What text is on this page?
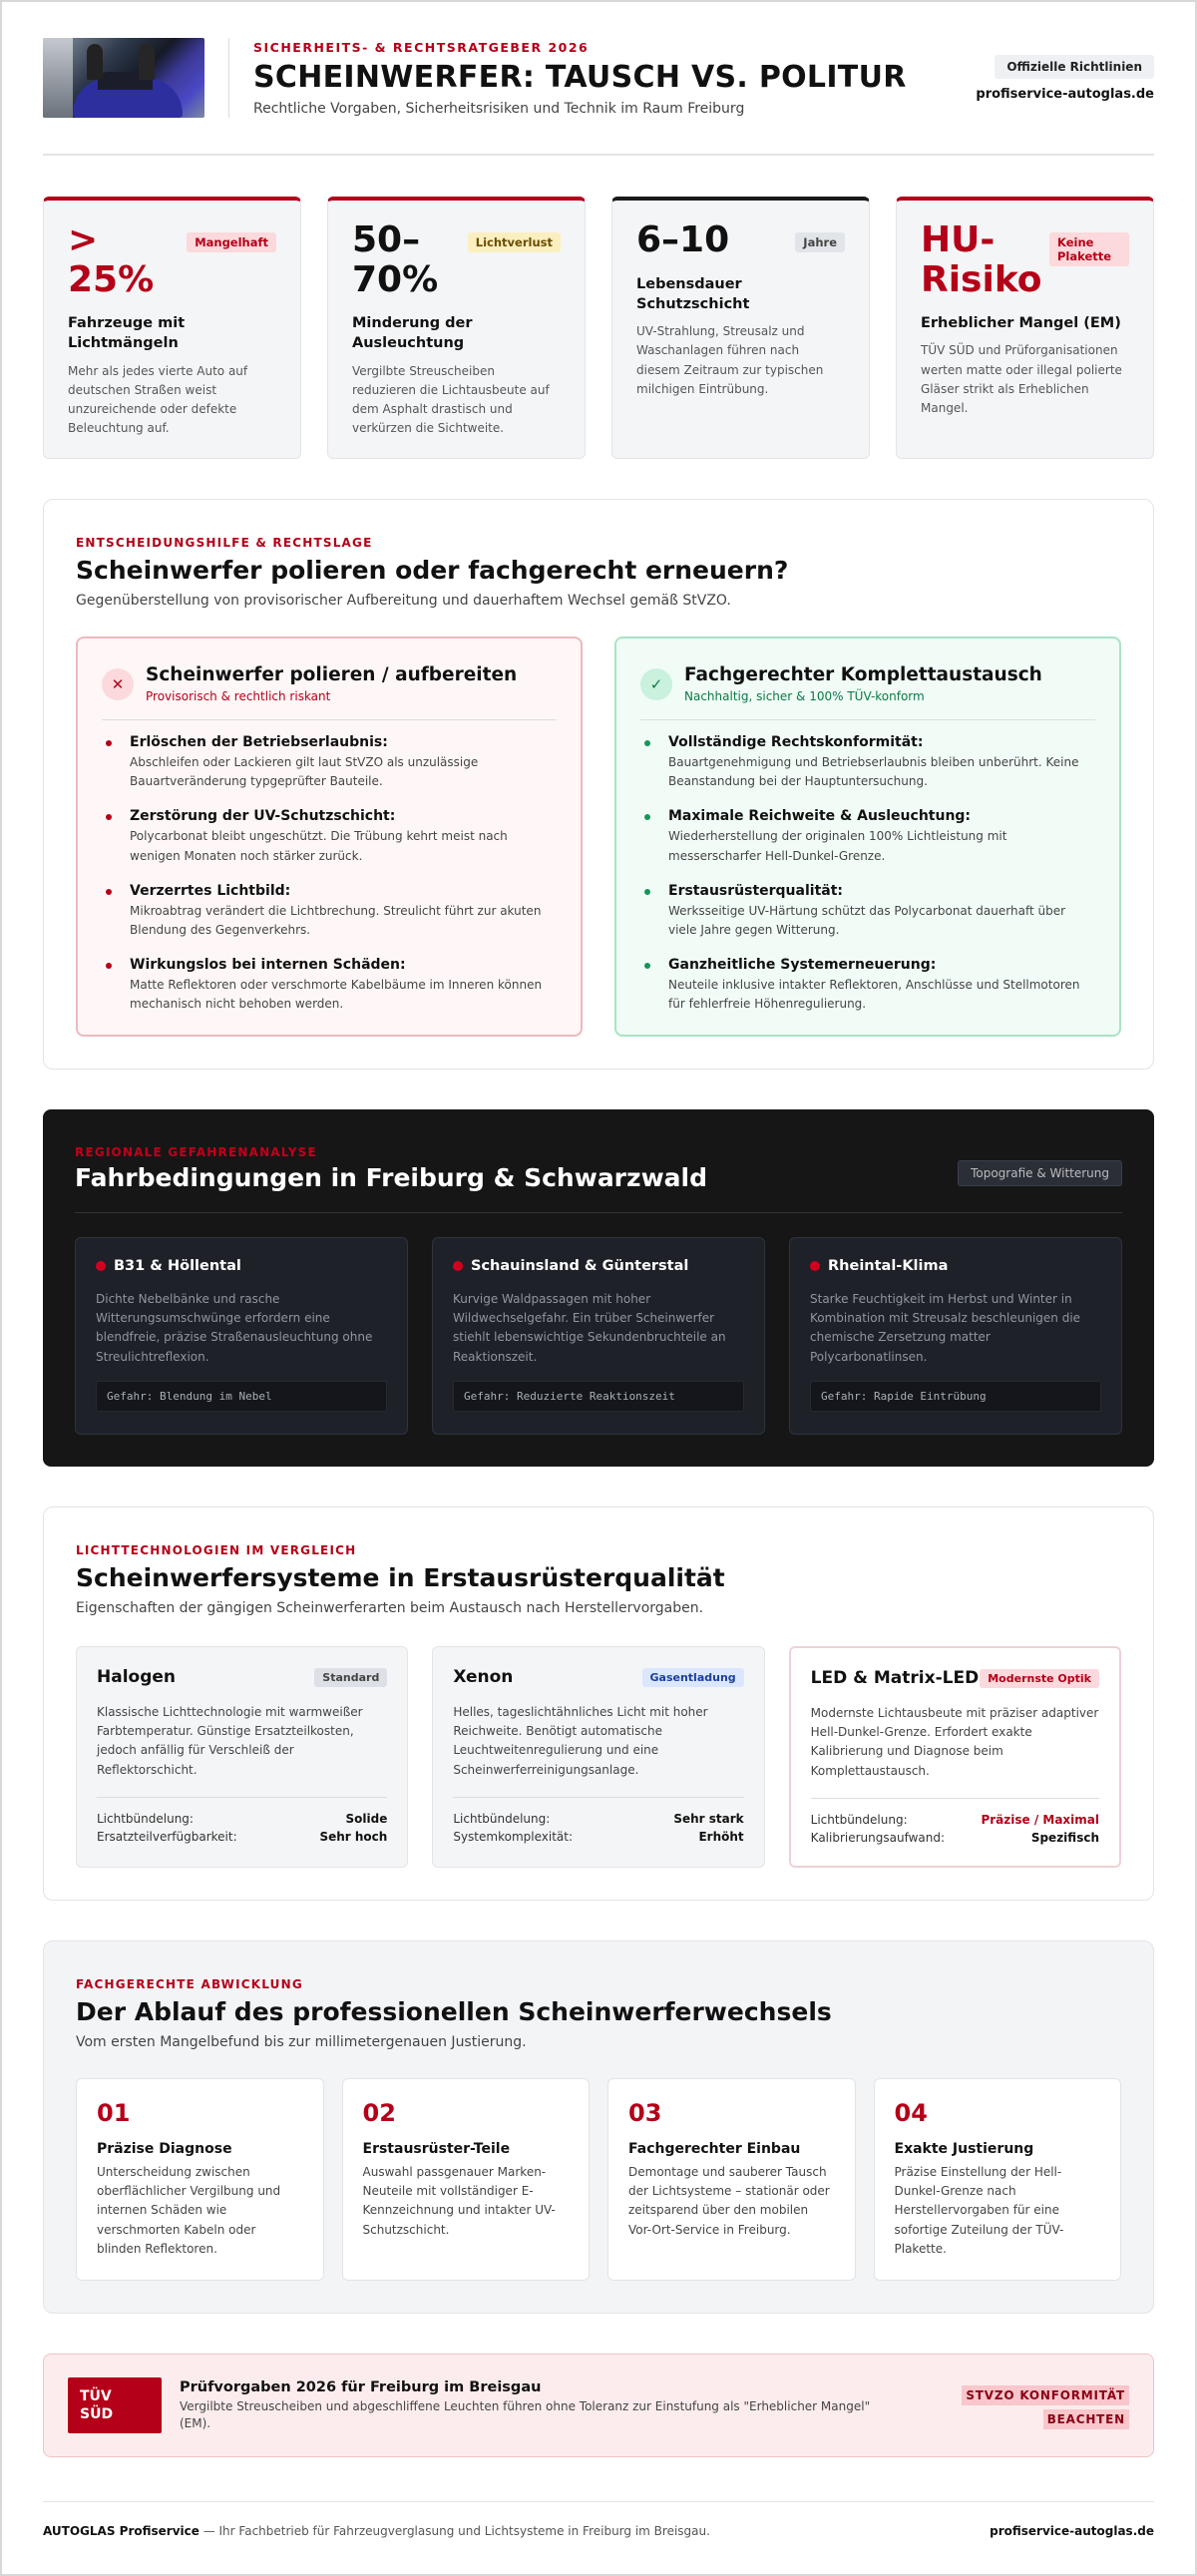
SICHERHEITS- & RECHTSRATGEBER 2026
SCHEINWERFER: TAUSCH VS. POLITUR
Rechtliche Vorgaben, Sicherheitsrisiken und Technik im Raum Freiburg
Offizielle Richtlinien
profiservice-autoglas.de
> 25%
Mangelhaft
Fahrzeuge mit Lichtmängeln
Mehr als jedes vierte Auto auf deutschen Straßen weist unzureichende oder defekte Beleuchtung auf.
50–70%
Lichtverlust
Minderung der Ausleuchtung
Vergilbte Streuscheiben reduzieren die Lichtausbeute auf dem Asphalt drastisch und verkürzen die Sichtweite.
6–10	Jahre
Lebensdauer Schutzschicht
UV-Strahlung, Streusalz und Waschanlagen führen nach diesem Zeitraum zur typischen milchigen Eintrübung.
HU-Risiko
Keine Plakette
Erheblicher Mangel (EM)
TÜV SÜD und Prüforganisationen werten matte oder illegal polierte Gläser strikt als Erheblichen Mangel.
ENTSCHEIDUNGSHILFE & RECHTSLAGE
Scheinwerfer polieren oder fachgerecht erneuern?
Gegenüberstellung von provisorischer Aufbereitung und dauerhaftem Wechsel gemäß StVZO.
✕	Scheinwerfer polieren / aufbereiten
Provisorisch & rechtlich riskant
Erlöschen der Betriebserlaubnis:
Abschleifen oder Lackieren gilt laut StVZO als unzulässige Bauartveränderung typgeprüfter Bauteile.
Zerstörung der UV-Schutzschicht:
Polycarbonat bleibt ungeschützt. Die Trübung kehrt meist nach wenigen Monaten noch stärker zurück.
Verzerrtes Lichtbild:
Mikroabtrag verändert die Lichtbrechung. Streulicht führt zur akuten Blendung des Gegenverkehrs.
Wirkungslos bei internen Schäden:
Matte Reflektoren oder verschmorte Kabelbäume im Inneren können mechanisch nicht behoben werden.
✓	Fachgerechter Komplettaustausch
Nachhaltig, sicher & 100% TÜV-konform
Vollständige Rechtskonformität:
Bauartgenehmigung und Betriebserlaubnis bleiben unberührt. Keine Beanstandung bei der Hauptuntersuchung.
Maximale Reichweite & Ausleuchtung:
Wiederherstellung der originalen 100% Lichtleistung mit messerscharfer Hell-Dunkel-Grenze.
Erstausrüsterqualität:
Werksseitige UV-Härtung schützt das Polycarbonat dauerhaft über viele Jahre gegen Witterung.
Ganzheitliche Systemerneuerung:
Neuteile inklusive intakter Reflektoren, Anschlüsse und Stellmotoren für fehlerfreie Höhenregulierung.
REGIONALE GEFAHRENANALYSE
Fahrbedingungen in Freiburg & Schwarzwald	Topografie & Witterung
B31 & Höllental
Dichte Nebelbänke und rasche Witterungsumschwünge erfordern eine blendfreie, präzise Straßenausleuchtung ohne Streulichtreflexion.
Gefahr: Blendung im Nebel
Schauinsland & Günterstal
Kurvige Waldpassagen mit hoher Wildwechselgefahr. Ein trüber Scheinwerfer stiehlt lebenswichtige Sekundenbruchteile an Reaktionszeit.
Gefahr: Reduzierte Reaktionszeit
Rheintal-Klima
Starke Feuchtigkeit im Herbst und Winter in Kombination mit Streusalz beschleunigen die chemische Zersetzung matter Polycarbonatlinsen.
Gefahr: Rapide Eintrübung
LICHTTECHNOLOGIEN IM VERGLEICH
Scheinwerfersysteme in Erstausrüsterqualität
Eigenschaften der gängigen Scheinwerferarten beim Austausch nach Herstellervorgaben.
Halogen	Standard
Klassische Lichttechnologie mit warmweißer Farbtemperatur. Günstige Ersatzteilkosten, jedoch anfällig für Verschleiß der Reflektorschicht.
Lichtbündelung:	Solide
Ersatzteilverfügbarkeit:	Sehr hoch
Xenon	Gasentladung
Helles, tageslichtähnliches Licht mit hoher Reichweite. Benötigt automatische Leuchtweitenregulierung und eine Scheinwerferreinigungsanlage.
Lichtbündelung:	Sehr stark
Systemkomplexität:	Erhöht
LED & Matrix-LED Modernste Optik
Modernste Lichtausbeute mit präziser adaptiver Hell-Dunkel-Grenze. Erfordert exakte Kalibrierung und Diagnose beim Komplettaustausch.
Lichtbündelung:	Präzise / Maximal
Kalibrierungsaufwand:	Spezifisch
FACHGERECHTE ABWICKLUNG
Der Ablauf des professionellen Scheinwerferwechsels
Vom ersten Mangelbefund bis zur millimetergenauen Justierung.
01
Präzise Diagnose
Unterscheidung zwischen oberflächlicher Vergilbung und internen Schäden wie verschmorten Kabeln oder blinden Reflektoren.
02
Erstausrüster-Teile
Auswahl passgenauer Marken-Neuteile mit vollständiger E-Kennzeichnung und intakter UV-Schutzschicht.
03
Fachgerechter Einbau
Demontage und sauberer Tausch der Lichtsysteme – stationär oder zeitsparend über den mobilen Vor-Ort-Service in Freiburg.
04
Exakte Justierung
Präzise Einstellung der Hell-Dunkel-Grenze nach Herstellervorgaben für eine sofortige Zuteilung der TÜV-Plakette.
TÜV
SÜD
Prüfvorgaben 2026 für Freiburg im Breisgau
Vergilbte Streuscheiben und abgeschliffene Leuchten führen ohne Toleranz zur Einstufung als "Erheblicher Mangel" (EM).
STVZO KONFORMITÄT
BEACHTEN
AUTOGLAS Profiservice — Ihr Fachbetrieb für Fahrzeugverglasung und Lichtsysteme in Freiburg im Breisgau.	profiservice-autoglas.de
